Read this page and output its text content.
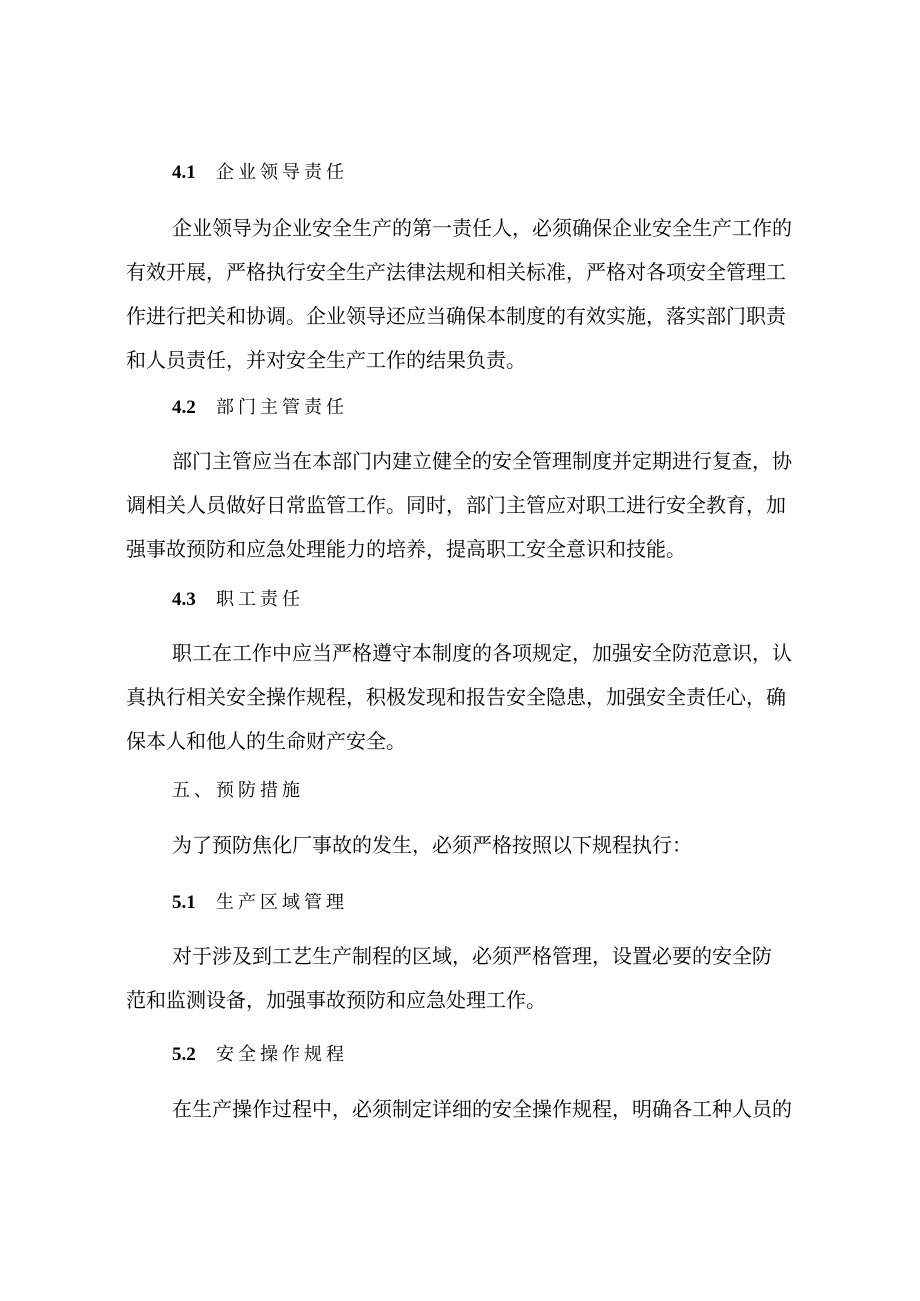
4.1 企业领导责任
企业领导为企业安全生产的第一责任人，必须确保企业安全生产工作的
有效开展，严格执行安全生产法律法规和相关标准，严格对各项安全管理工
作进行把关和协调。企业领导还应当确保本制度的有效实施，落实部门职责
和人员责任，并对安全生产工作的结果负责。
4.2 部门主管责任
部门主管应当在本部门内建立健全的安全管理制度并定期进行复查，协
调相关人员做好日常监管工作。同时，部门主管应对职工进行安全教育，加
强事故预防和应急处理能力的培养，提高职工安全意识和技能。
4.3 职工责任
职工在工作中应当严格遵守本制度的各项规定，加强安全防范意识，认
真执行相关安全操作规程，积极发现和报告安全隐患，加强安全责任心，确
保本人和他人的生命财产安全。
五、预防措施
为了预防焦化厂事故的发生，必须严格按照以下规程执行：
5.1 生产区域管理
对于涉及到工艺生产制程的区域，必须严格管理，设置必要的安全防
范和监测设备，加强事故预防和应急处理工作。
5.2 安全操作规程
在生产操作过程中，必须制定详细的安全操作规程，明确各工种人员的
